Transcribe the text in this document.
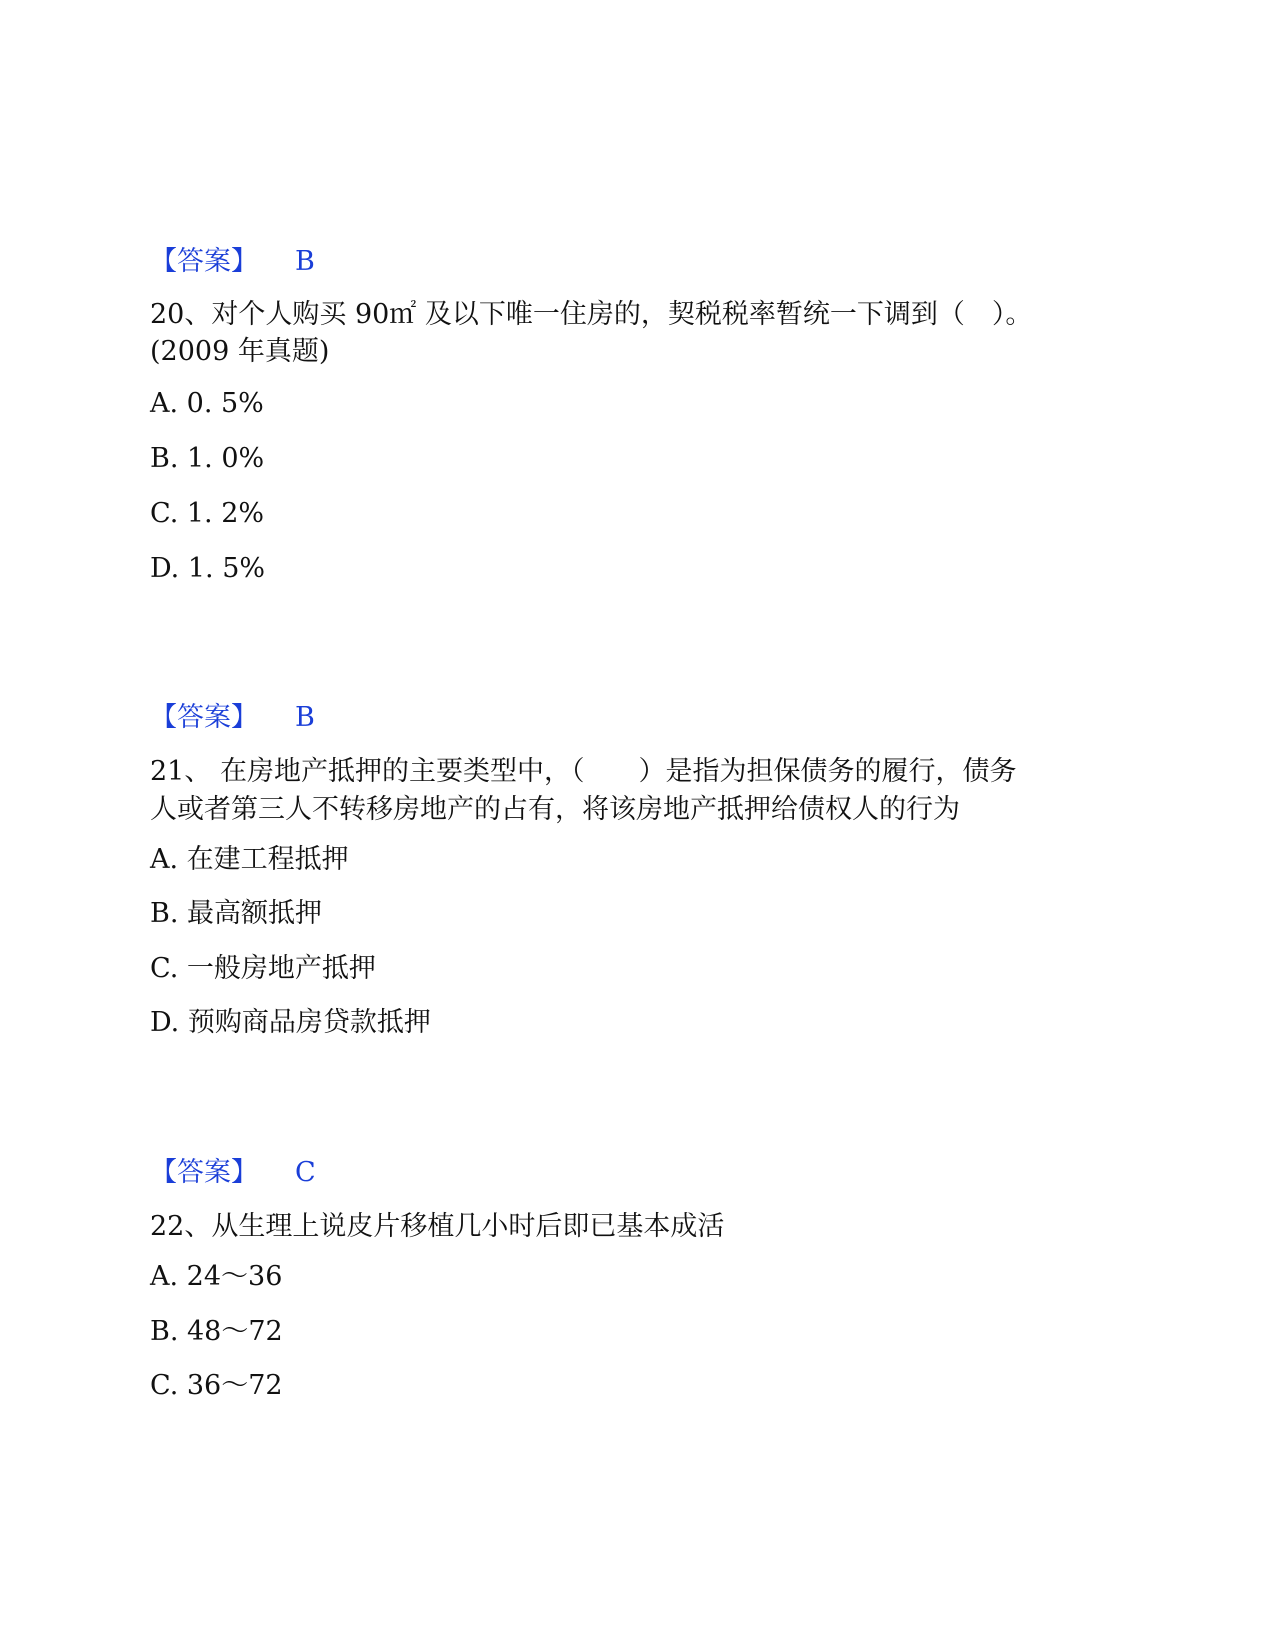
【答案】 B
20、对个人购买 90㎡ 及以下唯一住房的，契税税率暂统一下调到（　）。
(2009 年真题)
A. 0. 5%
B. 1. 0%
C. 1. 2%
D. 1. 5%
【答案】 B
21、 在房地产抵押的主要类型中，（　　）是指为担保债务的履行，债务
人或者第三人不转移房地产的占有，将该房地产抵押给债权人的行为
A. 在建工程抵押
B. 最高额抵押
C. 一般房地产抵押
D. 预购商品房贷款抵押
【答案】 C
22、从生理上说皮片移植几小时后即已基本成活
A. 24～36
B. 48～72
C. 36～72
